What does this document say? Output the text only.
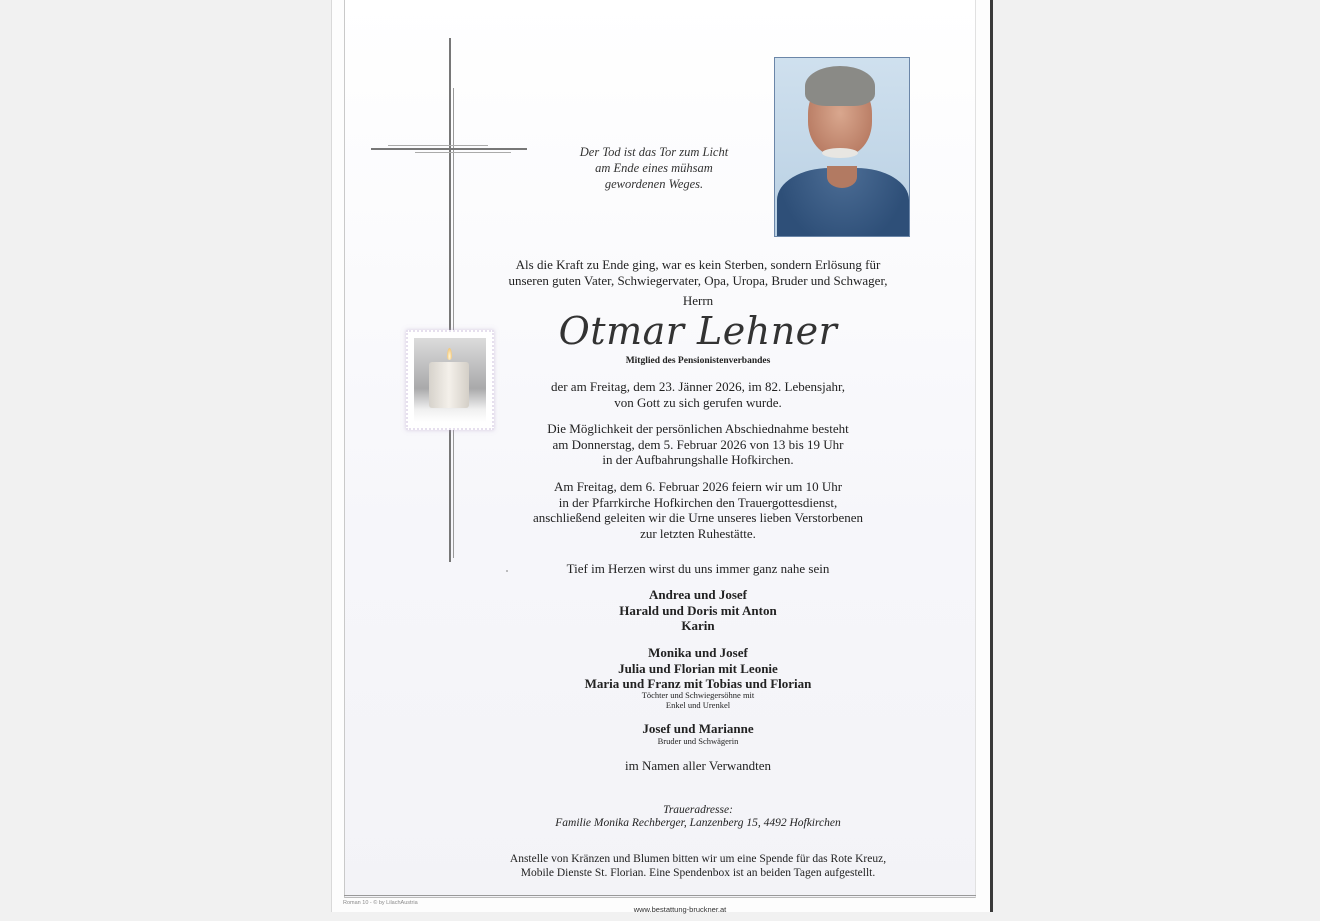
Der Tod ist das Tor zum Licht
am Ende eines mühsam
gewordenen Weges.
Als die Kraft zu Ende ging, war es kein Sterben, sondern Erlösung für
unseren guten Vater, Schwiegervater, Opa, Uropa, Bruder und Schwager,
Herrn
Otmar Lehner
Mitglied des Pensionistenverbandes
der am Freitag, dem 23. Jänner 2026, im 82. Lebensjahr,
von Gott zu sich gerufen wurde.
Die Möglichkeit der persönlichen Abschiednahme besteht
am Donnerstag, dem 5. Februar 2026 von 13 bis 19 Uhr
in der Aufbahrungshalle Hofkirchen.
Am Freitag, dem 6. Februar 2026 feiern wir um 10 Uhr
in der Pfarrkirche Hofkirchen den Trauergottesdienst,
anschließend geleiten wir die Urne unseres lieben Verstorbenen
zur letzten Ruhestätte.
Tief im Herzen wirst du uns immer ganz nahe sein
Andrea und Josef
Harald und Doris mit Anton
Karin
Monika und Josef
Julia und Florian mit Leonie
Maria und Franz mit Tobias und Florian
Töchter und Schwiegersöhne mit
Enkel und Urenkel
Josef und Marianne
Bruder und Schwägerin
im Namen aller Verwandten
Traueradresse:
Familie Monika Rechberger, Lanzenberg 15, 4492 Hofkirchen
Anstelle von Kränzen und Blumen bitten wir um eine Spende für das Rote Kreuz,
Mobile Dienste St. Florian. Eine Spendenbox ist an beiden Tagen aufgestellt.
Roman 10 - © by LilachAustria
www.bestattung-bruckner.at
